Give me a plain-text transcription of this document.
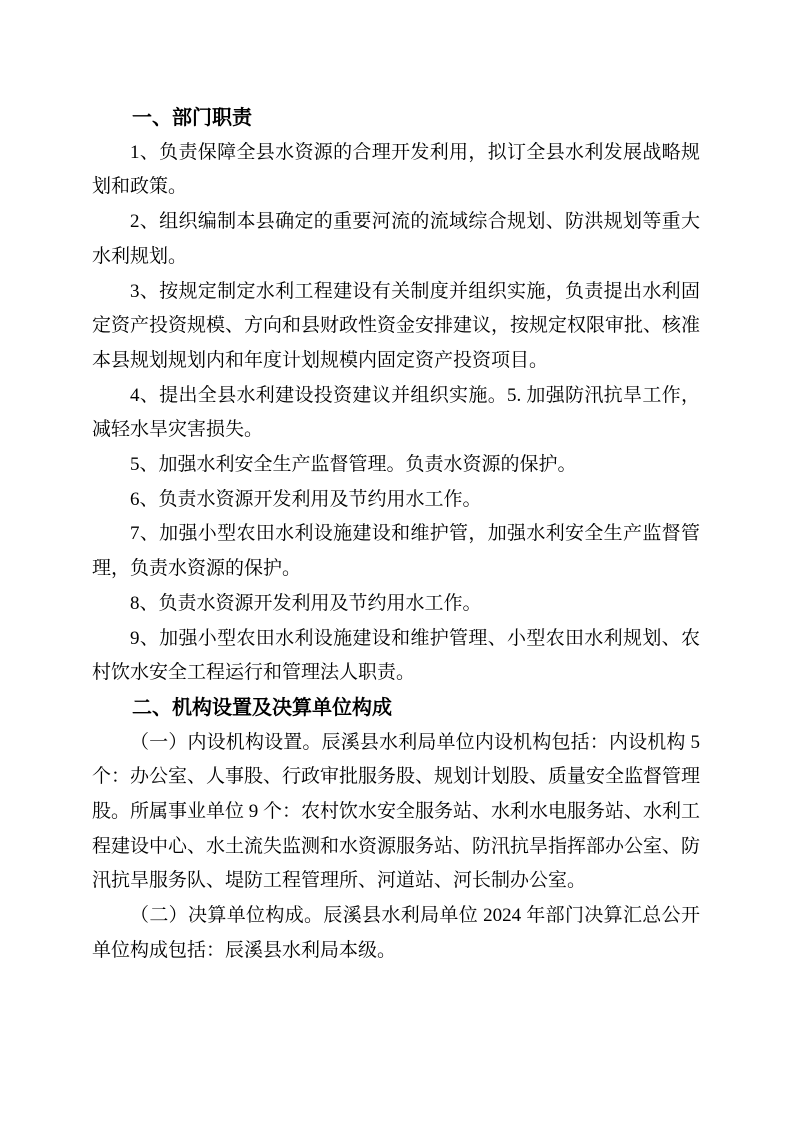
一、部门职责

1、负责保障全县水资源的合理开发利用，拟订全县水利发展战略规划和政策。

2、组织编制本县确定的重要河流的流域综合规划、防洪规划等重大水利规划。

3、按规定制定水利工程建设有关制度并组织实施，负责提出水利固定资产投资规模、方向和县财政性资金安排建议，按规定权限审批、核准本县规划规划内和年度计划规模内固定资产投资项目。

4、提出全县水利建设投资建议并组织实施。5. 加强防汛抗旱工作，减轻水旱灾害损失。

5、加强水利安全生产监督管理。负责水资源的保护。

6、负责水资源开发利用及节约用水工作。

7、加强小型农田水利设施建设和维护管，加强水利安全生产监督管理，负责水资源的保护。

8、负责水资源开发利用及节约用水工作。

9、加强小型农田水利设施建设和维护管理、小型农田水利规划、农村饮水安全工程运行和管理法人职责。

二、机构设置及决算单位构成

（一）内设机构设置。辰溪县水利局单位内设机构包括：内设机构 5 个：办公室、人事股、行政审批服务股、规划计划股、质量安全监督管理股。所属事业单位 9 个：农村饮水安全服务站、水利水电服务站、水利工程建设中心、水土流失监测和水资源服务站、防汛抗旱指挥部办公室、防汛抗旱服务队、堤防工程管理所、河道站、河长制办公室。

（二）决算单位构成。辰溪县水利局单位 2024 年部门决算汇总公开单位构成包括：辰溪县水利局本级。
